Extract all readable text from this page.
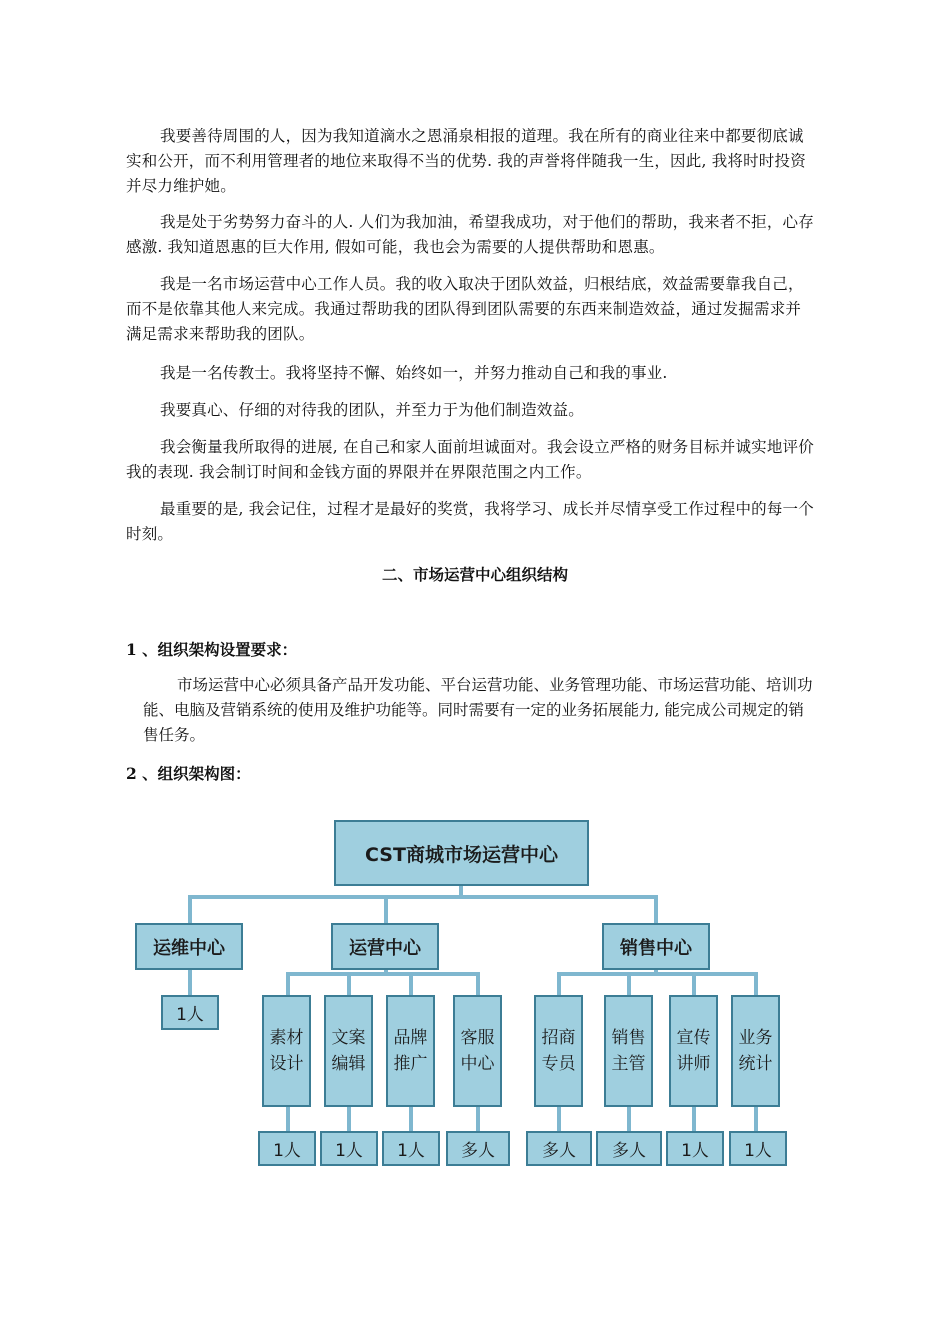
我要善待周围的人，因为我知道滴水之恩涌泉相报的道理。我在所有的商业往来中都要彻底诚实和公开，而不利用管理者的地位来取得不当的优势. 我的声誉将伴随我一生，因此, 我将时时投资并尽力维护她。

我是处于劣势努力奋斗的人. 人们为我加油，希望我成功，对于他们的帮助，我来者不拒，心存感激. 我知道恩惠的巨大作用, 假如可能，我也会为需要的人提供帮助和恩惠。

我是一名市场运营中心工作人员。我的收入取决于团队效益，归根结底，效益需要靠我自己，而不是依靠其他人来完成。我通过帮助我的团队得到团队需要的东西来制造效益，通过发掘需求并满足需求来帮助我的团队。

我是一名传教士。我将坚持不懈、始终如一，并努力推动自己和我的事业.

我要真心、仔细的对待我的团队，并至力于为他们制造效益。

我会衡量我所取得的进展, 在自己和家人面前坦诚面对。我会设立严格的财务目标并诚实地评价我的表现. 我会制订时间和金钱方面的界限并在界限范围之内工作。

最重要的是, 我会记住，过程才是最好的奖赏，我将学习、成长并尽情享受工作过程中的每一个时刻。

二、市场运营中心组织结构

1 、组织架构设置要求：

市场运营中心必须具备产品开发功能、平台运营功能、业务管理功能、市场运营功能、培训功能、电脑及营销系统的使用及维护功能等。同时需要有一定的业务拓展能力, 能完成公司规定的销售任务。

2 、组织架构图：

CST商城市场运营中心
运维中心	运营中心	销售中心
1人
素材设计
文案编辑
品牌推广
客服中心
招商专员
销售主管
宣传讲师
业务统计
1人	1人	1人	多人	多人	多人	1人	1人
